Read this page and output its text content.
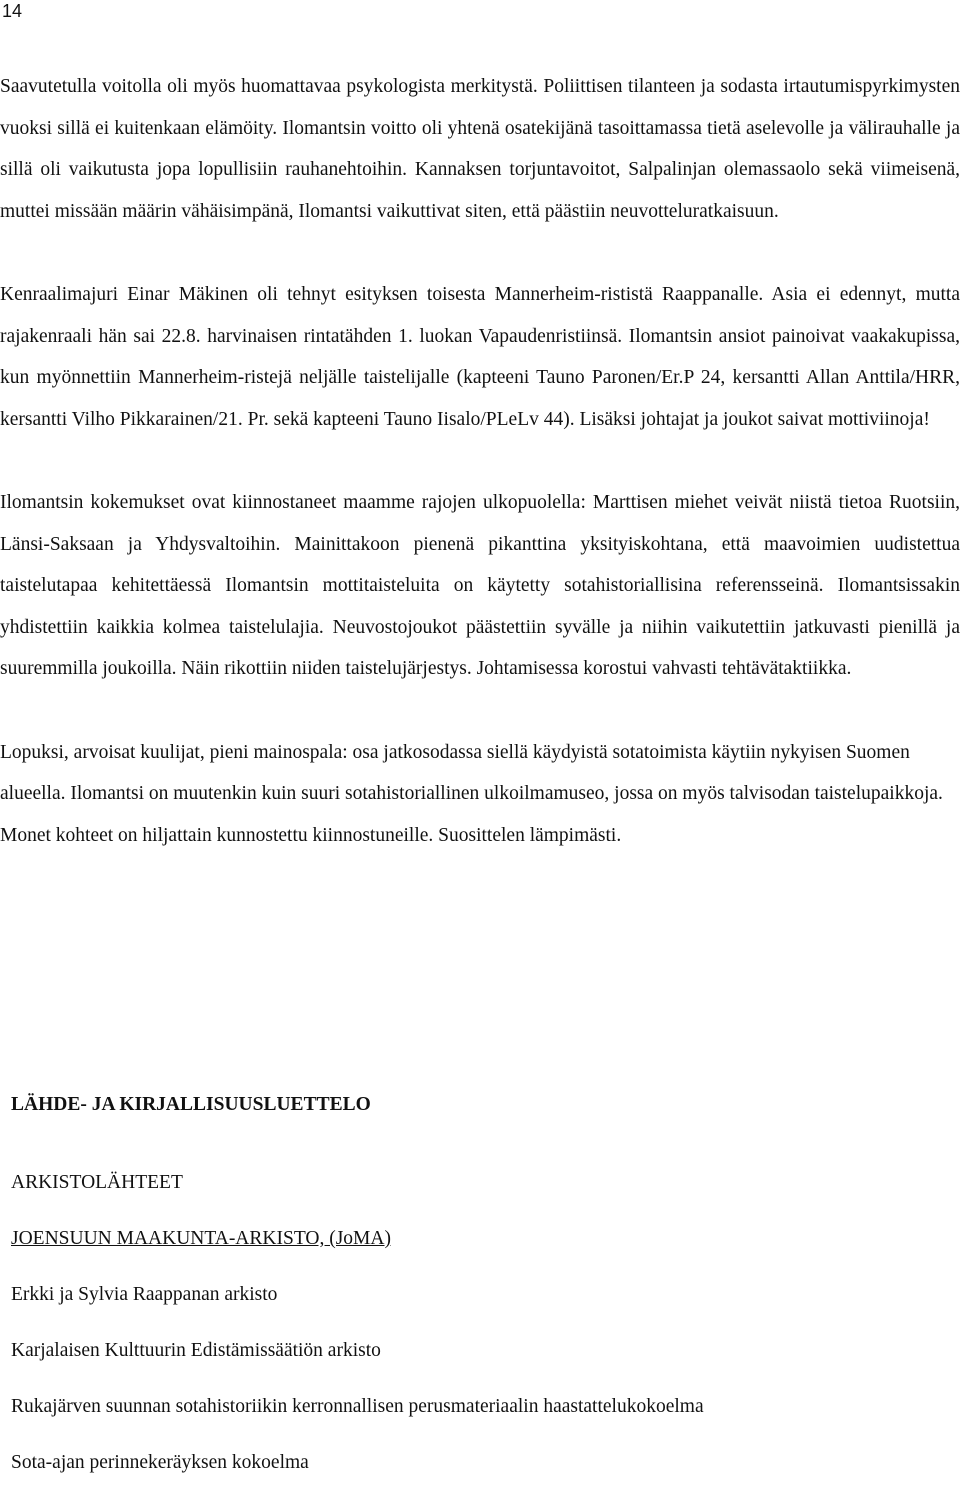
14

Saavutetulla voitolla oli myös huomattavaa psykologista merkitystä. Poliittisen tilanteen ja sodasta irtautumispyrkimysten vuoksi sillä ei kuitenkaan elämöity. Ilomantsin voitto oli yhtenä osatekijänä tasoittamassa tietä aselevolle ja välirauhalle ja sillä oli vaikutusta jopa lopullisiin rauhanehtoihin. Kannaksen torjuntavoitot, Salpalinjan olemassaolo sekä viimeisenä, muttei missään määrin vähäisimpänä, Ilomantsi vaikuttivat siten, että päästiin neuvotteluratkaisuun.

Kenraalimajuri Einar Mäkinen oli tehnyt esityksen toisesta Mannerheim-rististä Raappanalle. Asia ei edennyt, mutta rajakenraali hän sai 22.8. harvinaisen rintatähden 1. luokan Vapaudenristiinsä. Ilomantsin ansiot painoivat vaakakupissa, kun myönnettiin Mannerheim-ristejä neljälle taistelijalle (kapteeni Tauno Paronen/Er.P 24, kersantti Allan Anttila/HRR, kersantti Vilho Pikkarainen/21. Pr. sekä kapteeni Tauno Iisalo/PLeLv 44). Lisäksi johtajat ja joukot saivat mottiviinoja!

Ilomantsin kokemukset ovat kiinnostaneet maamme rajojen ulkopuolella: Marttisen miehet veivät niistä tietoa Ruotsiin, Länsi-Saksaan ja Yhdysvaltoihin. Mainittakoon pienenä pikanttina yksityiskohtana, että maavoimien uudistettua taistelutapaa kehitettäessä Ilomantsin mottitaisteluita on käytetty sotahistoriallisina referensseinä. Ilomantsissakin yhdistettiin kaikkia kolmea taistelulajia. Neuvostojoukot päästettiin syvälle ja niihin vaikutettiin jatkuvasti pienillä ja suuremmilla joukoilla. Näin rikottiin niiden taistelujärjestys. Johtamisessa korostui vahvasti tehtävätaktiikka.

Lopuksi, arvoisat kuulijat, pieni mainospala: osa jatkosodassa siellä käydyistä sotatoimista käytiin nykyisen Suomen alueella. Ilomantsi on muutenkin kuin suuri sotahistoriallinen ulkoilmamuseo, jossa on myös talvisodan taistelupaikkoja. Monet kohteet on hiljattain kunnostettu kiinnostuneille. Suosittelen lämpimästi.

LÄHDE- JA KIRJALLISUUSLUETTELO
ARKISTOLÄHTEET
JOENSUUN MAAKUNTA-ARKISTO, (JoMA)
Erkki ja Sylvia Raappanan arkisto
Karjalaisen Kulttuurin Edistämissäätiön arkisto
Rukajärven suunnan sotahistoriikin kerronnallisen perusmateriaalin haastattelukokoelma
Sota-ajan perinnekeräyksen kokoelma
